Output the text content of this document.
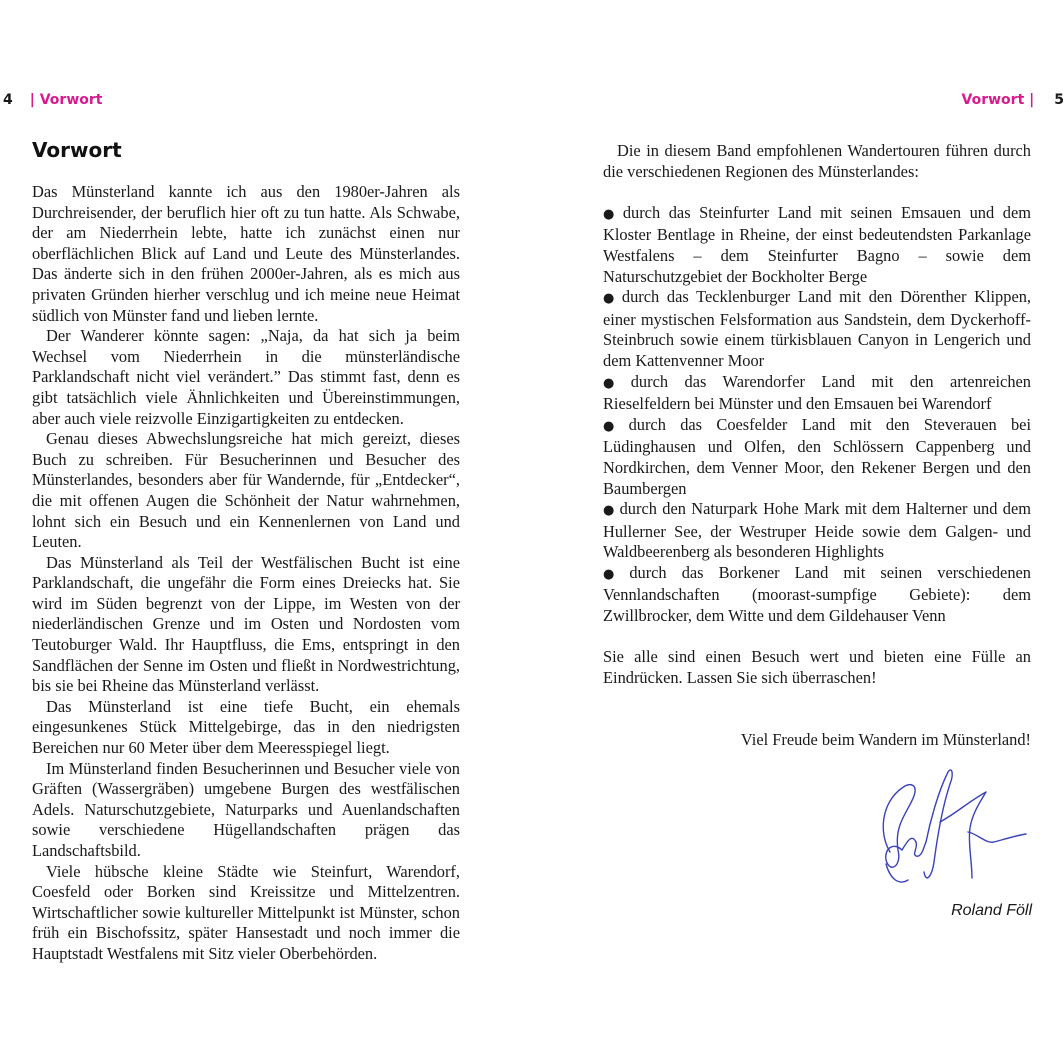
4 | Vorwort	Vorwort | 5
Vorwort

Das Münsterland kannte ich aus den 1980er-Jahren als Durchreisender, der beruflich hier oft zu tun hatte. Als Schwabe, der am Niederrhein lebte, hatte ich zunächst einen nur oberflächlichen Blick auf Land und Leute des Münsterlandes. Das änderte sich in den frühen 2000er-Jahren, als es mich aus privaten Gründen hierher verschlug und ich meine neue Heimat südlich von Münster fand und lieben lernte.

Der Wanderer könnte sagen: „Naja, da hat sich ja beim Wechsel vom Niederrhein in die münsterländische Parklandschaft nicht viel verändert.” Das stimmt fast, denn es gibt tatsächlich viele Ähnlichkeiten und Übereinstimmungen, aber auch viele reizvolle Einzigartigkeiten zu entdecken.

Genau dieses Abwechslungsreiche hat mich gereizt, dieses Buch zu schreiben. Für Besucherinnen und Besucher des Münsterlandes, besonders aber für Wandernde, für „Entdecker“, die mit offenen Augen die Schönheit der Natur wahrnehmen, lohnt sich ein Besuch und ein Kennenlernen von Land und Leuten.

Das Münsterland als Teil der Westfälischen Bucht ist eine Parklandschaft, die ungefähr die Form eines Dreiecks hat. Sie wird im Süden begrenzt von der Lippe, im Westen von der niederländischen Grenze und im Osten und Nordosten vom Teutoburger Wald. Ihr Hauptfluss, die Ems, entspringt in den Sandflächen der Senne im Osten und fließt in Nordwestrichtung, bis sie bei Rheine das Münsterland verlässt.

Das Münsterland ist eine tiefe Bucht, ein ehemals eingesunkenes Stück Mittelgebirge, das in den niedrigsten Bereichen nur 60 Meter über dem Meeresspiegel liegt.

Im Münsterland finden Besucherinnen und Besucher viele von Gräften (Wassergräben) umgebene Burgen des westfälischen Adels. Naturschutzgebiete, Naturparks und Auenlandschaften sowie verschiedene Hügellandschaften prägen das Landschaftsbild.

Viele hübsche kleine Städte wie Steinfurt, Warendorf, Coesfeld oder Borken sind Kreissitze und Mittelzentren. Wirtschaftlicher sowie kultureller Mittelpunkt ist Münster, schon früh ein Bischofssitz, später Hansestadt und noch immer die Hauptstadt Westfalens mit Sitz vieler Oberbehörden.

Die in diesem Band empfohlenen Wandertouren führen durch die verschiedenen Regionen des Münsterlandes:

● durch das Steinfurter Land mit seinen Emsauen und dem Kloster Bentlage in Rheine, der einst bedeutendsten Parkanlage Westfalens – dem Steinfurter Bagno – sowie dem Naturschutzgebiet der Bockholter Berge
● durch das Tecklenburger Land mit den Dörenther Klippen, einer mystischen Felsformation aus Sandstein, dem Dyckerhoff-Steinbruch sowie einem türkisblauen Canyon in Lengerich und dem Kattenvenner Moor
● durch das Warendorfer Land mit den artenreichen Rieselfeldern bei Münster und den Emsauen bei Warendorf
● durch das Coesfelder Land mit den Steverauen bei Lüdinghausen und Olfen, den Schlössern Cappenberg und Nordkirchen, dem Venner Moor, den Rekener Bergen und den Baumbergen
● durch den Naturpark Hohe Mark mit dem Halterner und dem Hullerner See, der Westruper Heide sowie dem Galgen- und Waldbeerenberg als besonderen Highlights
● durch das Borkener Land mit seinen verschiedenen Vennlandschaften (moorast-sumpfige Gebiete): dem Zwillbrocker, dem Witte und dem Gildehauser Venn

Sie alle sind einen Besuch wert und bieten eine Fülle an Eindrücken. Lassen Sie sich überraschen!

Viel Freude beim Wandern im Münsterland!

Roland Föll
